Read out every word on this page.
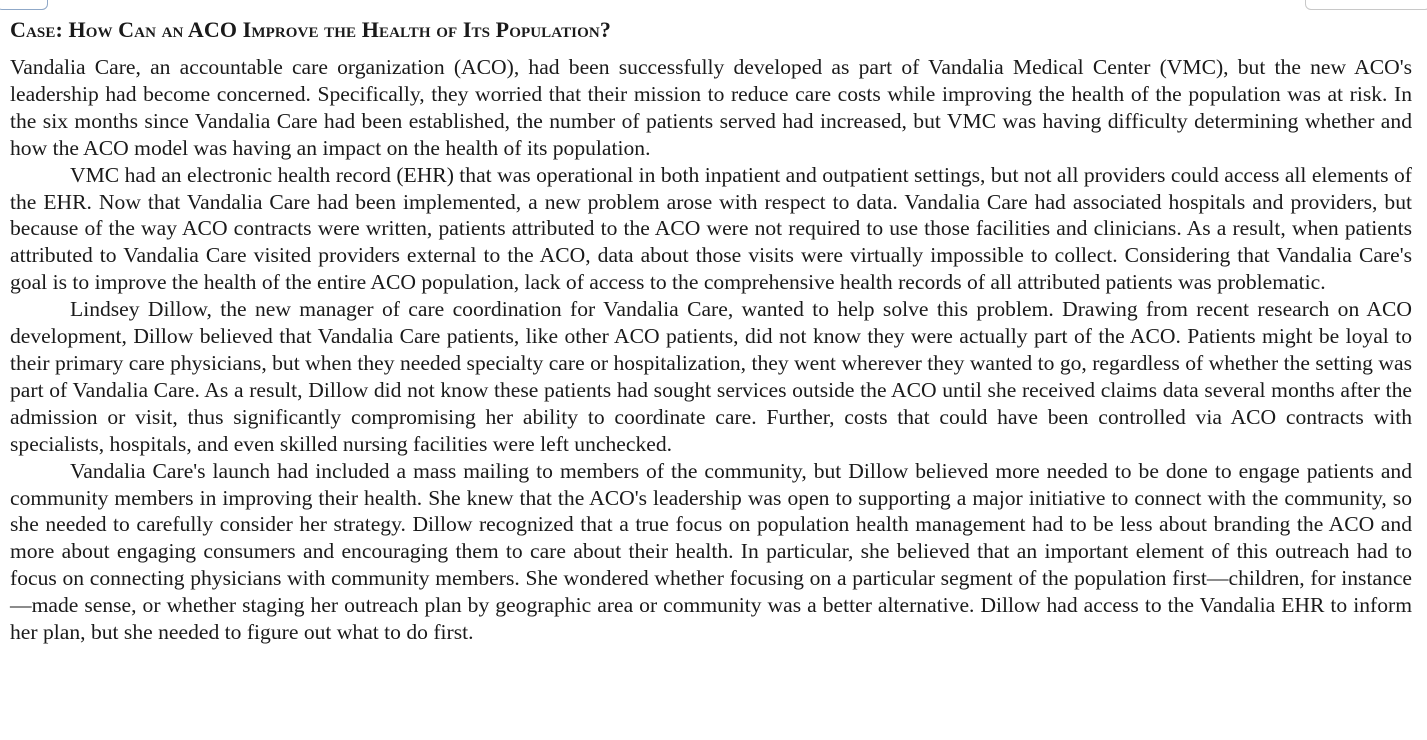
Case: How Can an ACO Improve the Health of Its Population?

Vandalia Care, an accountable care organization (ACO), had been successfully developed as part of Vandalia Medical Center (VMC), but the new ACO's leadership had become concerned. Specifically, they worried that their mission to reduce care costs while improving the health of the population was at risk. In the six months since Vandalia Care had been established, the number of patients served had increased, but VMC was having difficulty determining whether and how the ACO model was having an impact on the health of its population.

VMC had an electronic health record (EHR) that was operational in both inpatient and outpatient settings, but not all providers could access all elements of the EHR. Now that Vandalia Care had been implemented, a new problem arose with respect to data. Vandalia Care had associated hospitals and providers, but because of the way ACO contracts were written, patients attributed to the ACO were not required to use those facilities and clinicians. As a result, when patients attributed to Vandalia Care visited providers external to the ACO, data about those visits were virtually impossible to collect. Considering that Vandalia Care's goal is to improve the health of the entire ACO population, lack of access to the comprehensive health records of all attributed patients was problematic.

Lindsey Dillow, the new manager of care coordination for Vandalia Care, wanted to help solve this problem. Drawing from recent research on ACO development, Dillow believed that Vandalia Care patients, like other ACO patients, did not know they were actually part of the ACO. Patients might be loyal to their primary care physicians, but when they needed specialty care or hospitalization, they went wherever they wanted to go, regardless of whether the setting was part of Vandalia Care. As a result, Dillow did not know these patients had sought services outside the ACO until she received claims data several months after the admission or visit, thus significantly compromising her ability to coordinate care. Further, costs that could have been controlled via ACO contracts with specialists, hospitals, and even skilled nursing facilities were left unchecked.

Vandalia Care's launch had included a mass mailing to members of the community, but Dillow believed more needed to be done to engage patients and community members in improving their health. She knew that the ACO's leadership was open to supporting a major initiative to connect with the community, so she needed to carefully consider her strategy. Dillow recognized that a true focus on population health management had to be less about branding the ACO and more about engaging consumers and encouraging them to care about their health. In particular, she believed that an important element of this outreach had to focus on connecting physicians with community members. She wondered whether focusing on a particular segment of the population first—children, for instance—made sense, or whether staging her outreach plan by geographic area or community was a better alternative. Dillow had access to the Vandalia EHR to inform her plan, but she needed to figure out what to do first.
